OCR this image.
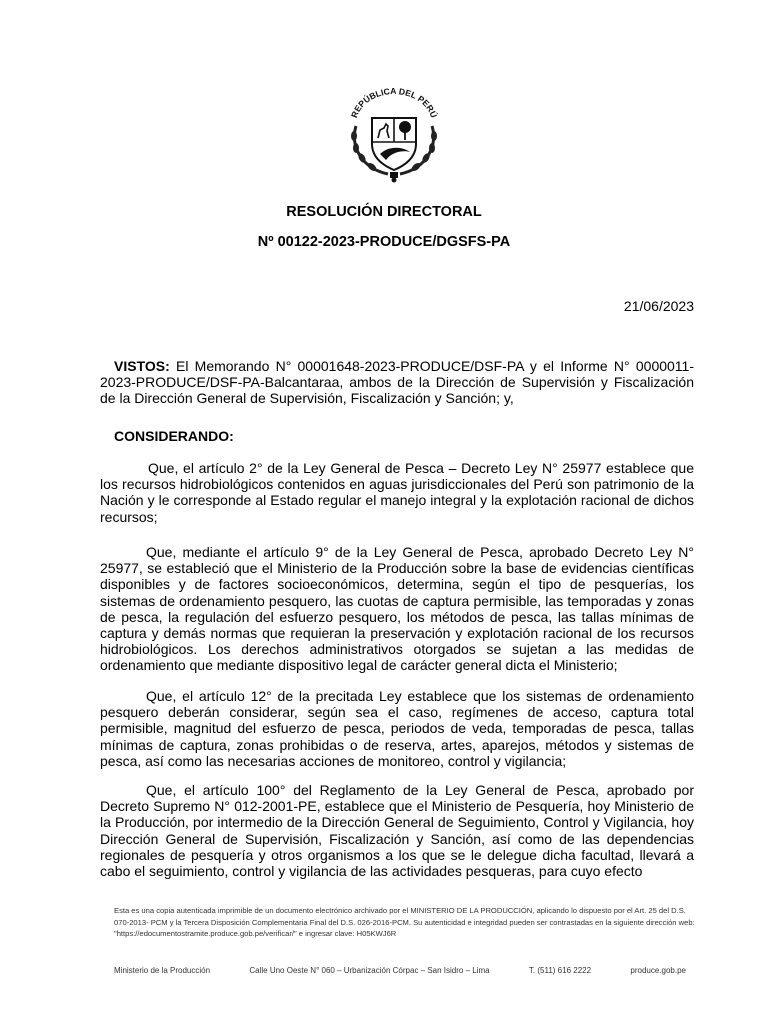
REPÚBLICA DEL PERÚ
RESOLUCIÓN DIRECTORAL
Nº 00122-2023-PRODUCE/DGSFS-PA
21/06/2023
VISTOS: El Memorando N° 00001648-2023-PRODUCE/DSF-PA y el Informe N° 0000011-2023-PRODUCE/DSF-PA-Balcantaraa, ambos de la Dirección de Supervisión y Fiscalización de la Dirección General de Supervisión, Fiscalización y Sanción; y,
CONSIDERANDO:
Que, el artículo 2° de la Ley General de Pesca – Decreto Ley N° 25977 establece que los recursos hidrobiológicos contenidos en aguas jurisdiccionales del Perú son patrimonio de la Nación y le corresponde al Estado regular el manejo integral y la explotación racional de dichos recursos;
Que, mediante el artículo 9° de la Ley General de Pesca, aprobado Decreto Ley N° 25977, se estableció que el Ministerio de la Producción sobre la base de evidencias científicas disponibles y de factores socioeconómicos, determina, según el tipo de pesquerías, los sistemas de ordenamiento pesquero, las cuotas de captura permisible, las temporadas y zonas de pesca, la regulación del esfuerzo pesquero, los métodos de pesca, las tallas mínimas de captura y demás normas que requieran la preservación y explotación racional de los recursos hidrobiológicos. Los derechos administrativos otorgados se sujetan a las medidas de ordenamiento que mediante dispositivo legal de carácter general dicta el Ministerio;
Que, el artículo 12° de la precitada Ley establece que los sistemas de ordenamiento pesquero deberán considerar, según sea el caso, regímenes de acceso, captura total permisible, magnitud del esfuerzo de pesca, periodos de veda, temporadas de pesca, tallas mínimas de captura, zonas prohibidas o de reserva, artes, aparejos, métodos y sistemas de pesca, así como las necesarias acciones de monitoreo, control y vigilancia;
Que, el artículo 100° del Reglamento de la Ley General de Pesca, aprobado por Decreto Supremo N° 012-2001-PE, establece que el Ministerio de Pesquería, hoy Ministerio de la Producción, por intermedio de la Dirección General de Seguimiento, Control y Vigilancia, hoy Dirección General de Supervisión, Fiscalización y Sanción, así como de las dependencias regionales de pesquería y otros organismos a los que se le delegue dicha facultad, llevará a cabo el seguimiento, control y vigilancia de las actividades pesqueras, para cuyo efecto
Esta es una copia autenticada imprimible de un documento electrónico archivado por el MINISTERIO DE LA PRODUCCIÓN, aplicando lo dispuesto por el Art. 25 del D.S. 070-2013- PCM y la Tercera Disposición Complementaria Final del D.S. 026-2016-PCM. Su autenticidad e integridad pueden ser contrastadas en la siguiente dirección web: "https://edocumentostramite.produce.gob.pe/verificar/" e ingresar clave: H05KWJ6R
Ministerio de la Producción	Calle Uno Oeste N° 060 – Urbanización Córpac – San Isidro – Lima	T. (511) 616 2222	produce.gob.pe
